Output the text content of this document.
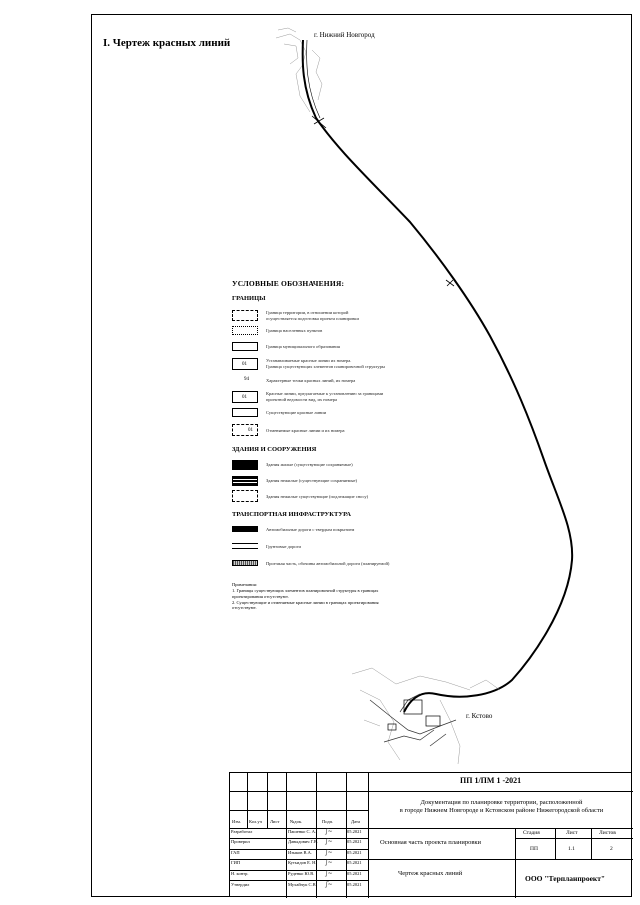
I. Чертеж красных линий
г. Нижний Новгород
г. Кстово
УСЛОВНЫЕ ОБОЗНАЧЕНИЯ:
ГРАНИЦЫ
Граница территории, в отношении которой
осуществляется подготовка проекта планировки
Граница населенных пунктов
Граница муниципального образования
01
Устанавливаемые красные линии их номера.
Граница существующих элементов планировочной структуры
94	Характерные точки красных линий, их номера
01
Красные линии, предлагаемые к установлению за границами
проектной ведомости вид, их номера
Существующие красные линии
01	Отменяемые красные линии и их номера
ЗДАНИЯ И СООРУЖЕНИЯ
Здания жилые (существующие сохраняемые)
Здания нежилые (существующие сохраняемые)
Здания нежилые существующие (подлежащие сносу)
ТРАНСПОРТНАЯ ИНФРАСТРУКТУРА
Автомобильные дороги с твердым покрытием
Грунтовые дороги
Проезжая часть, обочины автомобильной дороги (планируемой)
Примечания:
1. Границы существующих элементов планировочной структуры в границах проектирования отсутствуют.
2. Существующие и отменяемые красные линии в границах проектирования отсутствуют.
Изм. Кол.уч Лист №док.	Подп.	Дата
Разработал	Пашенко С. А. ʃ~	05.2021
Проверил	Давыдович Г.В. ʃ~	05.2021
ГАП	Изыков В.А. ʃ~	05.2021
ГИП	Кутьидов Е. Н. ʃ~	05.2021
Н. контр.	Руденко Ю.В. ʃ~	05.2021
Утвердил	Мухайчук С.В. ʃ~	05.2021
ПП 1/ПМ 1 -2021
Документация по планировке территории, расположенной
в городе Нижнем Новгороде и Кстовском районе Нижегородской области
Основная часть проекта планировки
Чертеж красных линий
ООО "Терпланпроект"
Стадия	Лист	Листов
ПП	1.1	2
